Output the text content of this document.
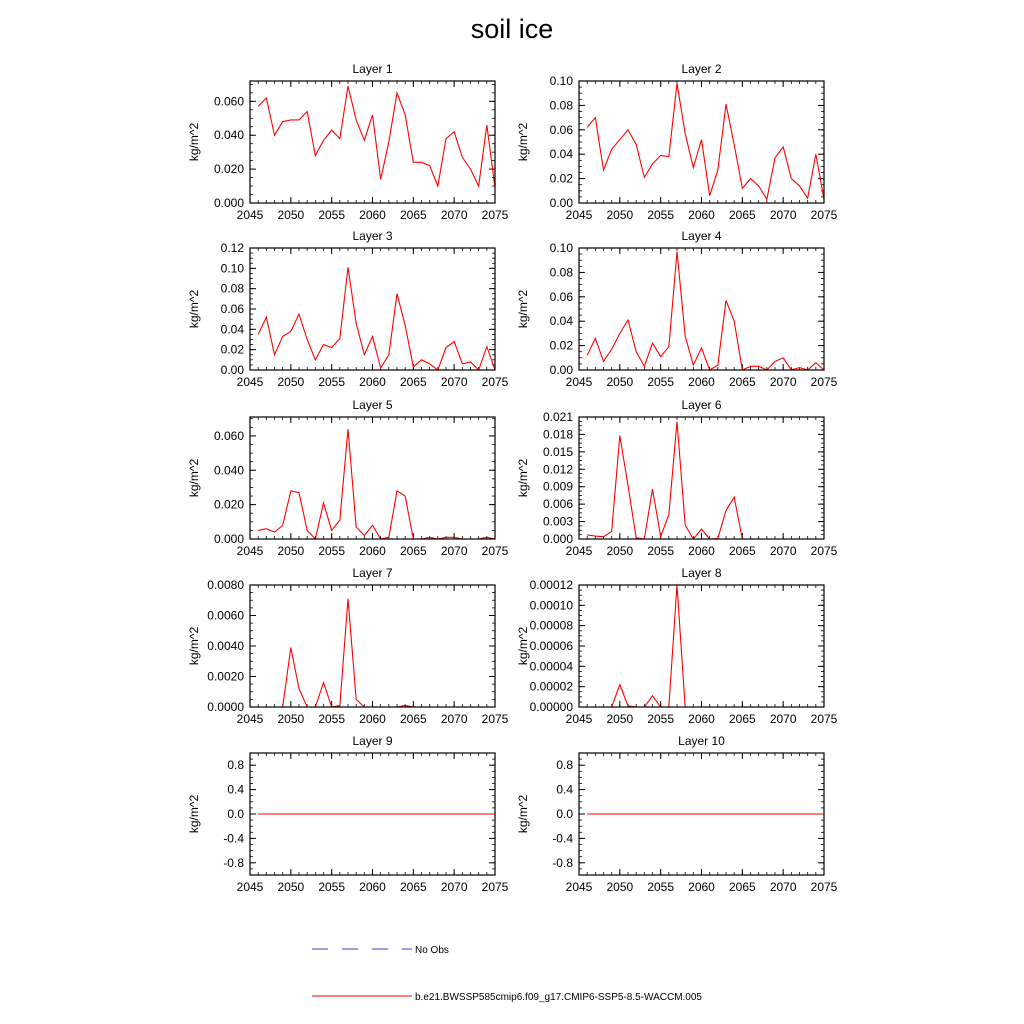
soil ice
Layer 1
kg/m^2
2045 2050 2055 2060 2065 2070 2075
0.000
0.020
0.040
0.060
Layer 2
kg/m^2
2045 2050 2055 2060 2065 2070 2075
0.00
0.02
0.04
0.06
0.08
0.10
Layer 3
kg/m^2
2045 2050 2055 2060 2065 2070 2075
0.00
0.02
0.04
0.06
0.08
0.10
0.12
Layer 4
kg/m^2
2045 2050 2055 2060 2065 2070 2075
0.00
0.02
0.04
0.06
0.08
0.10
Layer 5
kg/m^2
2045 2050 2055 2060 2065 2070 2075
0.000
0.020
0.040
0.060
Layer 6
kg/m^2
2045 2050 2055 2060 2065 2070 2075
0.000
0.003
0.006
0.009
0.012
0.015
0.018
0.021
Layer 7
kg/m^2
2045 2050 2055 2060 2065 2070 2075
0.0000
0.0020
0.0040
0.0060
0.0080
Layer 8
kg/m^2
2045 2050 2055 2060 2065 2070 2075
0.00000
0.00002
0.00004
0.00006
0.00008
0.00010
0.00012
Layer 9
kg/m^2
2045 2050 2055 2060 2065 2070 2075
-0.8
-0.4
0.0
0.4
0.8
Layer 10
kg/m^2
2045 2050 2055 2060 2065 2070 2075
-0.8
-0.4
0.0
0.4
0.8
No Obs
b.e21.BWSSP585cmip6.f09_g17.CMIP6-SSP5-8.5-WACCM.005
